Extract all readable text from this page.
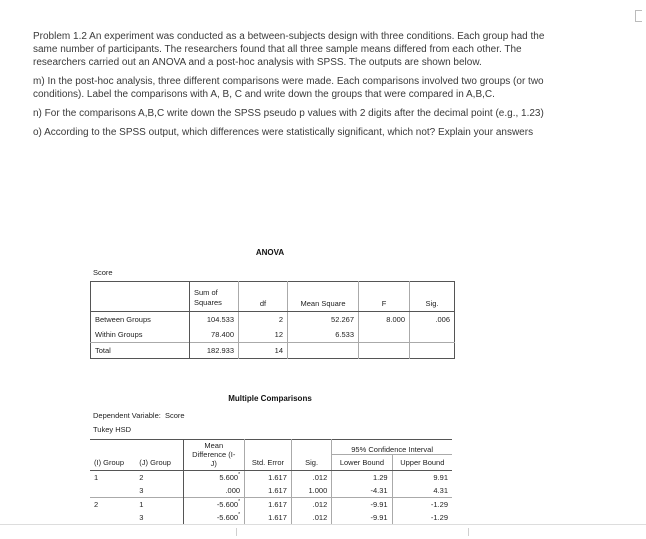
Problem 1.2 An experiment was conducted as a between-subjects design with three conditions. Each group had the same number of participants. The researchers found that all three sample means differed from each other. The researchers carried out an ANOVA and a post-hoc analysis with SPSS. The outputs are shown below.

m) In the post-hoc analysis, three different comparisons were made. Each comparisons involved two groups (or two conditions). Label the comparisons with A, B, C and write down the groups that were compared in A,B,C.

n) For the comparisons A,B,C write down the SPSS pseudo p values with 2 digits after the decimal point (e.g., 1.23)

o) According to the SPSS output, which differences were statistically significant, which not? Explain your answers

ANOVA
Score
	Sum of
Squares	df	Mean Square	F	Sig.
Between Groups	104.533	2	52.267	8.000	.006
Within Groups	78.400	12	6.533		
Total	182.933	14			
Multiple Comparisons
Dependent Variable: Score
Tukey HSD
		Mean
Difference (I-
J)			95% Confidence Interval	
(I) Group	(J) Group		Std. Error	Sig.	Lower Bound	Upper Bound
1	2	5.600*	1.617	.012	1.29	9.91
	3	.000	1.617	1.000	-4.31	4.31
2	1	-5.600*	1.617	.012	-9.91	-1.29
	3	-5.600*	1.617	.012	-9.91	-1.29
